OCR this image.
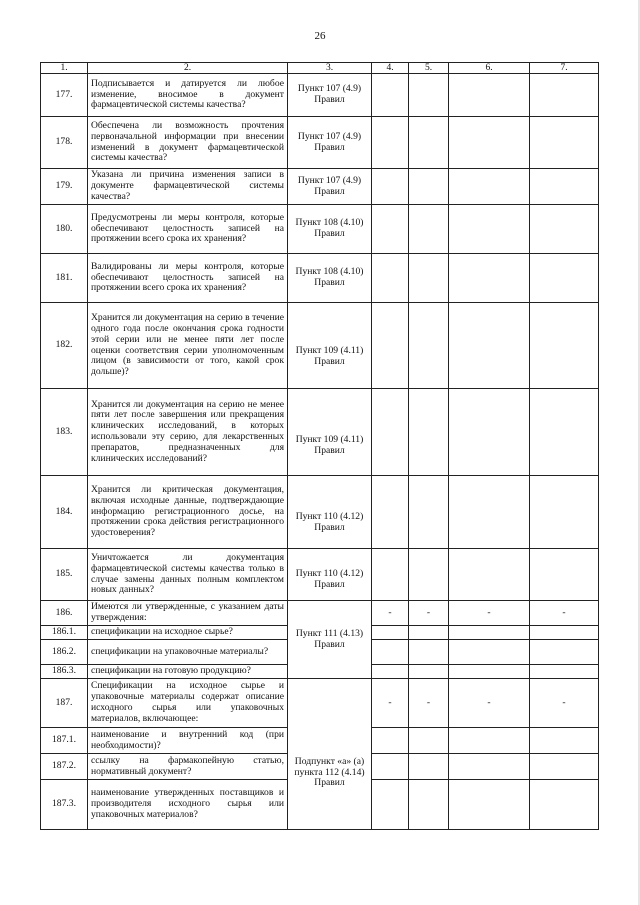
26
1.	2.	3.	4.	5.	6.	7.
177.	Подписывается и датируется ли любое изменение, вносимое в документ фармацевтической системы качества?	Пункт 107 (4.9) Правил				
178.	Обеспечена ли возможность прочтения первоначальной информации при внесении изменений в документ фармацевтической системы качества?	Пункт 107 (4.9) Правил				
179.	Указана ли причина изменения записи в документе фармацевтической системы качества?	Пункт 107 (4.9) Правил				
180.	Предусмотрены ли меры контроля, которые обеспечивают целостность записей на протяжении всего срока их хранения?	Пункт 108 (4.10) Правил				
181.	Валидированы ли меры контроля, которые обеспечивают целостность записей на протяжении всего срока их хранения?	Пункт 108 (4.10) Правил				
182.	Хранится ли документация на серию в течение одного года после окончания срока годности этой серии или не менее пяти лет после оценки соответствия серии уполномоченным лицом (в зависимости от того, какой срок дольше)?	Пункт 109 (4.11) Правил				
183.	Хранится ли документация на серию не менее пяти лет после завершения или прекращения клинических исследований, в которых использовали эту серию, для лекарственных препаратов, предназначенных для клинических исследований?	Пункт 109 (4.11) Правил				
184.	Хранится ли критическая документация, включая исходные данные, подтверждающие информацию регистрационного досье, на протяжении срока действия регистрационного удостоверения?	Пункт 110 (4.12) Правил				
185.	Уничтожается ли документация фармацевтической системы качества только в случае замены данных полным комплектом новых данных?	Пункт 110 (4.12) Правил				
186.	Имеются ли утвержденные, с указанием даты утверждения:	Пункт 111 (4.13) Правил	-	-	-	-
186.1.	спецификации на исходное сырье?					
186.2.	спецификации на упаковочные материалы?					
186.3.	спецификации на готовую продукцию?					
187.	Спецификации на исходное сырье и упаковочные материалы содержат описание исходного сырья или упаковочных материалов, включающее:	Подпункт «а» (а) пункта 112 (4.14) Правил	-	-	-	-
187.1.	наименование и внутренний код (при необходимости)?					
187.2.	ссылку на фармакопейную статью, нормативный документ?					
187.3.	наименование утвержденных поставщиков и производителя исходного сырья или упаковочных материалов?					
